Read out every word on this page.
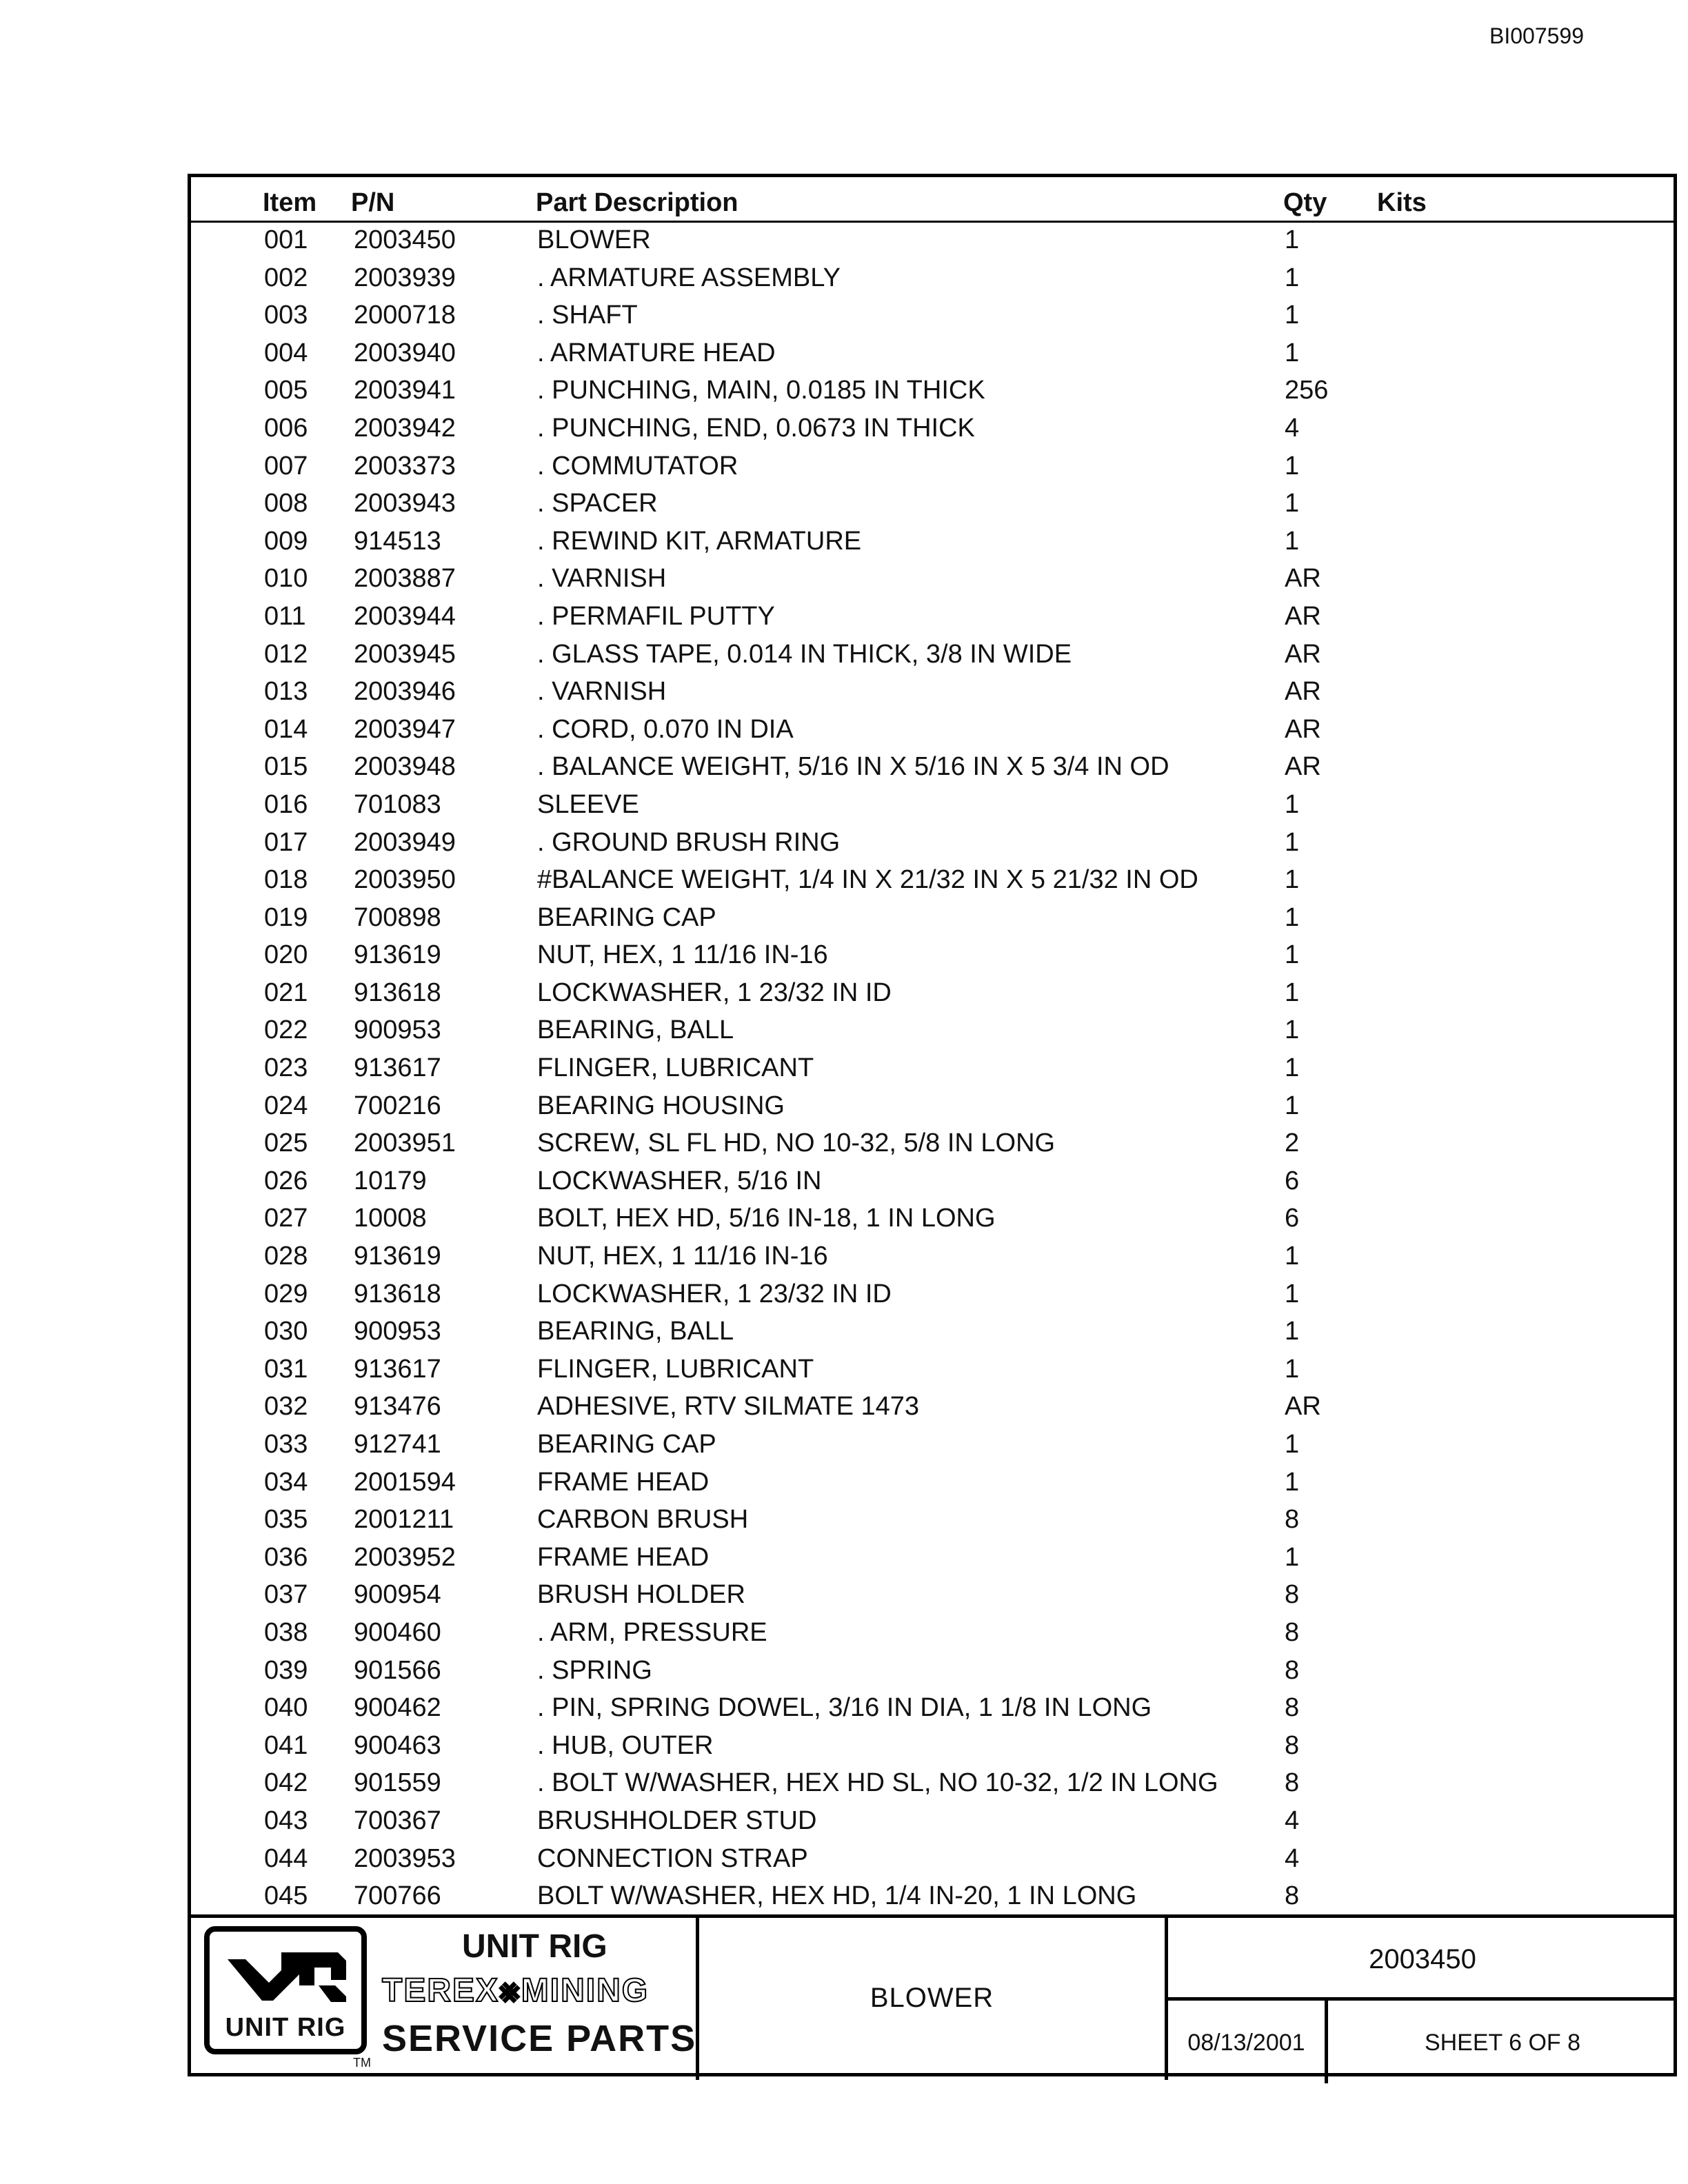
BI007599
Item P/N	Part Description	Qty Kits
001 2003450	BLOWER	1
002 2003939	. ARMATURE ASSEMBLY	1
003 2000718	. SHAFT	1
004 2003940	. ARMATURE HEAD	1
005 2003941	. PUNCHING, MAIN, 0.0185 IN THICK	256
006 2003942	. PUNCHING, END, 0.0673 IN THICK	4
007 2003373	. COMMUTATOR	1
008 2003943	. SPACER	1
009 914513	. REWIND KIT, ARMATURE	1
010 2003887	. VARNISH	AR
011 2003944	. PERMAFIL PUTTY	AR
012 2003945	. GLASS TAPE, 0.014 IN THICK, 3/8 IN WIDE	AR
013 2003946	. VARNISH	AR
014 2003947	. CORD, 0.070 IN DIA	AR
015 2003948	. BALANCE WEIGHT, 5/16 IN X 5/16 IN X 5 3/4 IN OD	AR
016 701083	SLEEVE	1
017 2003949	. GROUND BRUSH RING	1
018 2003950	#BALANCE WEIGHT, 1/4 IN X 21/32 IN X 5 21/32 IN OD	1
019 700898	BEARING CAP	1
020 913619	NUT, HEX, 1 11/16 IN-16	1
021 913618	LOCKWASHER, 1 23/32 IN ID	1
022 900953	BEARING, BALL	1
023 913617	FLINGER, LUBRICANT	1
024 700216	BEARING HOUSING	1
025 2003951	SCREW, SL FL HD, NO 10-32, 5/8 IN LONG	2
026 10179	LOCKWASHER, 5/16 IN	6
027 10008	BOLT, HEX HD, 5/16 IN-18, 1 IN LONG	6
028 913619	NUT, HEX, 1 11/16 IN-16	1
029 913618	LOCKWASHER, 1 23/32 IN ID	1
030 900953	BEARING, BALL	1
031 913617	FLINGER, LUBRICANT	1
032 913476	ADHESIVE, RTV SILMATE 1473	AR
033 912741	BEARING CAP	1
034 2001594	FRAME HEAD	1
035 2001211	CARBON BRUSH	8
036 2003952	FRAME HEAD	1
037 900954	BRUSH HOLDER	8
038 900460	. ARM, PRESSURE	8
039 901566	. SPRING	8
040 900462	. PIN, SPRING DOWEL, 3/16 IN DIA, 1 1/8 IN LONG	8
041 900463	. HUB, OUTER	8
042 901559	. BOLT W/WASHER, HEX HD SL, NO 10-32, 1/2 IN LONG	8
043 700367	BRUSHHOLDER STUD	4
044 2003953	CONNECTION STRAP	4
045 700766	BOLT W/WASHER, HEX HD, 1/4 IN-20, 1 IN LONG	8
UNIT RIG
TM
UNIT RIG
TEREX⨳MINING
SERVICE PARTS
BLOWER
2003450
08/13/2001	SHEET 6 OF 8
